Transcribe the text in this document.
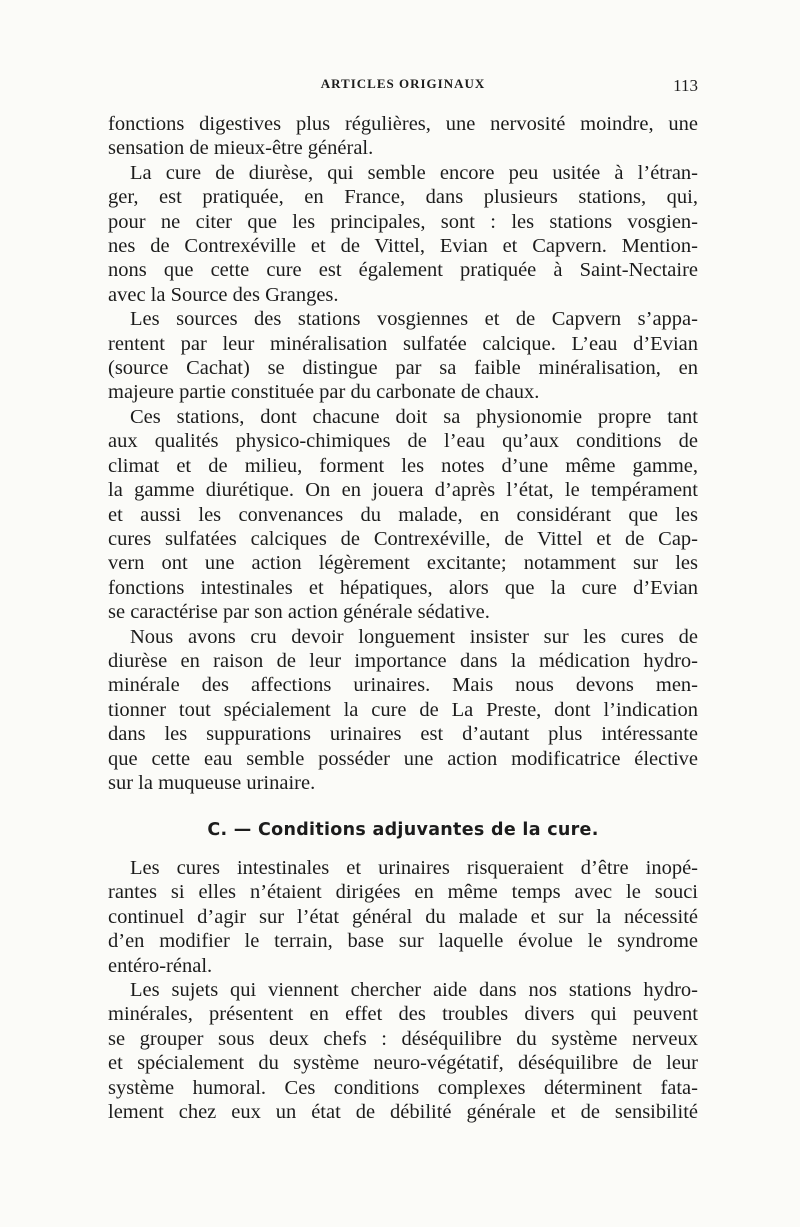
ARTICLES ORIGINAUX	113
fonctions digestives plus régulières, une nervosité moindre, une
sensation de mieux-être général.
La cure de diurèse, qui semble encore peu usitée à l’étran-
ger, est pratiquée, en France, dans plusieurs stations, qui,
pour ne citer que les principales, sont : les stations vosgien-
nes de Contrexéville et de Vittel, Evian et Capvern. Mention-
nons que cette cure est également pratiquée à Saint-Nectaire
avec la Source des Granges.
Les sources des stations vosgiennes et de Capvern s’appa-
rentent par leur minéralisation sulfatée calcique. L’eau d’Evian
(source Cachat) se distingue par sa faible minéralisation, en
majeure partie constituée par du carbonate de chaux.
Ces stations, dont chacune doit sa physionomie propre tant
aux qualités physico-chimiques de l’eau qu’aux conditions de
climat et de milieu, forment les notes d’une même gamme,
la gamme diurétique. On en jouera d’après l’état, le tempérament
et aussi les convenances du malade, en considérant que les
cures sulfatées calciques de Contrexéville, de Vittel et de Cap-
vern ont une action légèrement excitante; notamment sur les
fonctions intestinales et hépatiques, alors que la cure d’Evian
se caractérise par son action générale sédative.
Nous avons cru devoir longuement insister sur les cures de
diurèse en raison de leur importance dans la médication hydro-
minérale des affections urinaires. Mais nous devons men-
tionner tout spécialement la cure de La Preste, dont l’indication
dans les suppurations urinaires est d’autant plus intéressante
que cette eau semble posséder une action modificatrice élective
sur la muqueuse urinaire.
C. — Conditions adjuvantes de la cure.
Les cures intestinales et urinaires risqueraient d’être inopé-
rantes si elles n’étaient dirigées en même temps avec le souci
continuel d’agir sur l’état général du malade et sur la nécessité
d’en modifier le terrain, base sur laquelle évolue le syndrome
entéro-rénal.
Les sujets qui viennent chercher aide dans nos stations hydro-
minérales, présentent en effet des troubles divers qui peuvent
se grouper sous deux chefs : déséquilibre du système nerveux
et spécialement du système neuro-végétatif, déséquilibre de leur
système humoral. Ces conditions complexes déterminent fata-
lement chez eux un état de débilité générale et de sensibilité
